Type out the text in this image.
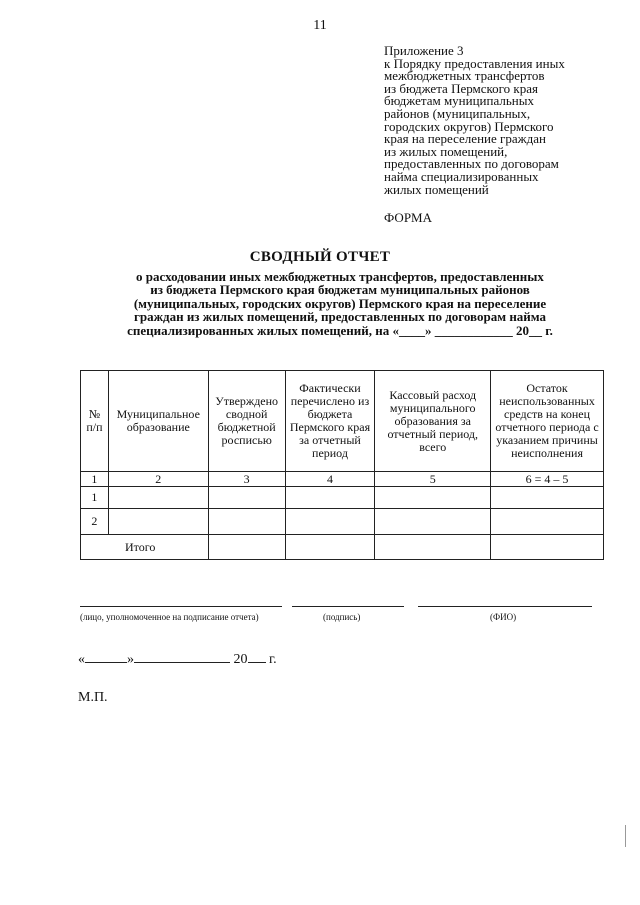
11
Приложение 3
к Порядку предоставления иных
межбюджетных трансфертов
из бюджета Пермского края
бюджетам муниципальных
районов (муниципальных,
городских округов) Пермского
края на переселение граждан
из жилых помещений,
предоставленных по договорам
найма специализированных
жилых помещений
ФОРМА
СВОДНЫЙ ОТЧЕТ
о расходовании иных межбюджетных трансфертов, предоставленных
из бюджета Пермского края бюджетам муниципальных районов
(муниципальных, городских округов) Пермского края на переселение
граждан из жилых помещений, предоставленных по договорам найма
специализированных жилых помещений, на «____» ____________ 20__ г.
№ п/п	Муниципальное образование	Утверждено сводной бюджетной росписью	Фактически перечислено из бюджета Пермского края за отчетный период	Кассовый расход муниципального образования за отчетный период, всего	Остаток неиспользованных средств на конец отчетного периода с указанием причины неисполнения
1	2	3	4	5	6 = 4 – 5
1					
2					
Итого					
(лицо, уполномоченное на подписание отчета)	(подпись)	(ФИО)
«	»	20 г.
М.П.
